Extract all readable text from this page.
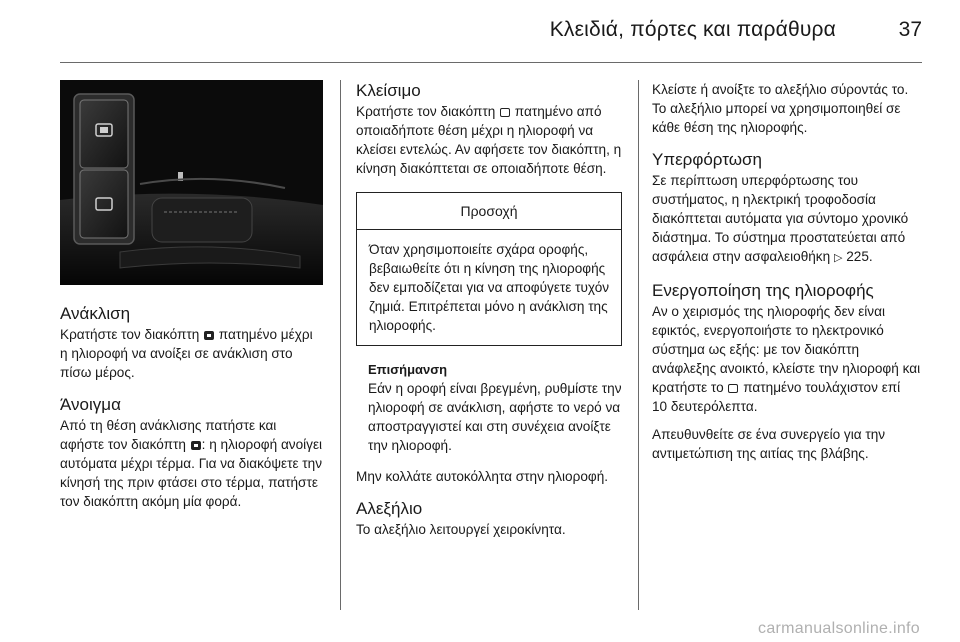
Κλειδιά, πόρτες και παράθυρα	37
Ανάκλιση

Κρατήστε τον διακόπτη  πατημένο μέχρι η ηλιοροφή να ανοίξει σε ανάκλιση στο πίσω μέρος.

Άνοιγμα

Από τη θέση ανάκλισης πατήστε και αφήστε τον διακόπτη : η ηλιοροφή ανοίγει αυτόματα μέχρι τέρμα. Για να διακόψετε την κίνησή της πριν φτάσει στο τέρμα, πατήστε τον διακόπτη ακόμη μία φορά.

Κλείσιμο

Κρατήστε τον διακόπτη  πατημένο από οποιαδήποτε θέση μέχρι η ηλιοροφή να κλείσει εντελώς. Αν αφήσετε τον διακόπτη, η κίνηση διακόπτεται σε οποιαδήποτε θέση.

Προσοχή
Όταν χρησιμοποιείτε σχάρα οροφής, βεβαιωθείτε ότι η κίνηση της ηλιοροφής δεν εμποδίζεται για να αποφύγετε τυχόν ζημιά. Επιτρέπεται μόνο η ανάκλιση της ηλιοροφής.
Επισήμανση

Εάν η οροφή είναι βρεγμένη, ρυθμίστε την ηλιοροφή σε ανάκλιση, αφήστε το νερό να αποστραγγιστεί και στη συνέχεια ανοίξτε την ηλιοροφή.

Μην κολλάτε αυτοκόλλητα στην ηλιοροφή.

Αλεξήλιο

Το αλεξήλιο λειτουργεί χειροκίνητα.

Κλείστε ή ανοίξτε το αλεξήλιο σύροντάς το. Το αλεξήλιο μπορεί να χρησιμοποιηθεί σε κάθε θέση της ηλιοροφής.

Υπερφόρτωση

Σε περίπτωση υπερφόρτωσης του συστήματος, η ηλεκτρική τροφοδοσία διακόπτεται αυτόματα για σύντομο χρονικό διάστημα. Το σύστημα προστατεύεται από ασφάλεια στην ασφαλειοθήκη ▷ 225.

Ενεργοποίηση της ηλιοροφής

Αν ο χειρισμός της ηλιοροφής δεν είναι εφικτός, ενεργοποιήστε το ηλεκτρονικό σύστημα ως εξής: με τον διακόπτη ανάφλεξης ανοικτό, κλείστε την ηλιοροφή και κρατήστε το  πατημένο τουλάχιστον επί

10 δευτερόλεπτα.

Απευθυνθείτε σε ένα συνεργείο για την αντιμετώπιση της αιτίας της βλάβης.

carmanualsonline.info
